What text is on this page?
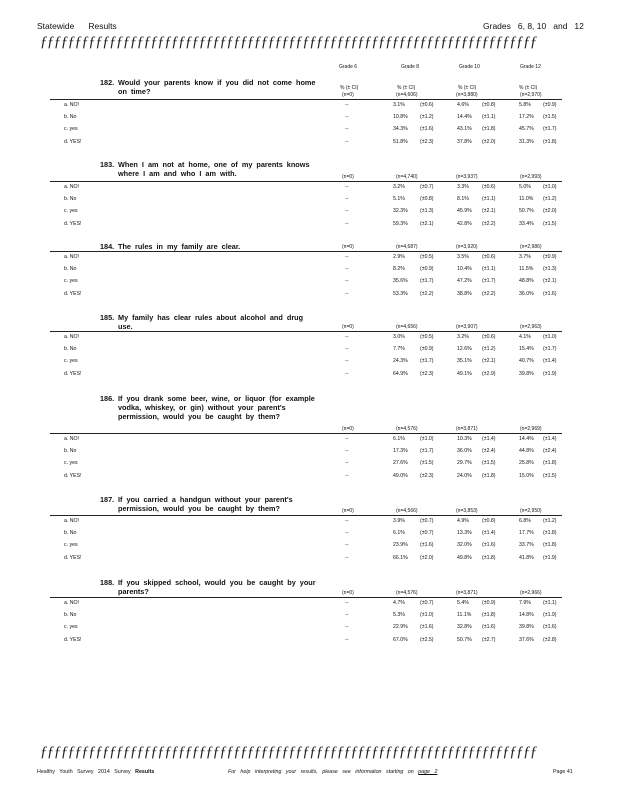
Statewide Results	Grades 6, 8, 10 and 12
ƒƒƒƒƒƒƒƒƒƒƒƒƒƒƒƒƒƒƒƒƒƒƒƒƒƒƒƒƒƒƒƒƒƒƒƒƒƒƒƒƒƒƒƒƒƒƒƒƒƒƒƒƒƒƒƒƒƒƒƒƒƒƒƒƒƒƒƒƒƒƒƒ
Grade 6	Grade 8	Grade 10	Grade 12
182. Would your parents know if you did not come home on time?	(n=0)	(n=4,606)	(n=3,880)	(n=2,970)
% (± CI)	% (± CI)	% (± CI)	% (± CI)
a. NO!	--	3.1%	(±0.6)	4.6%	(±0.8)	5.8% (±0.9)
b. No	--	10.8% (±1.2)	14.4% (±1.1)	17.2% (±1.5)
c. yes	--	34.3% (±1.6)	43.1% (±1.8)	45.7% (±1.7)
d. YES!	--	51.8% (±2.3)	37.8% (±2.0)	31.3% (±1.8)
183. When I am not at home, one of my parents knows where I am and who I am with.	(n=0)	(n=4,740)	(n=3,937)	(n=2,993)
a. NO!	--	3.2%	(±0.7)	3.3%	(±0.6)	5.0% (±1.0)
b. No	--	5.1%	(±0.8)	8.1%	(±1.1)	11.0% (±1.2)
c. yes	--	32.3% (±1.3)	45.9% (±2.1)	50.7% (±2.0)
d. YES!	--	59.3% (±2.1)	42.8% (±2.2)	33.4% (±1.5)
184. The rules in my family are clear.	(n=0)	(n=4,687)	(n=3,920)	(n=2,986)
a. NO!	--	2.9%	(±0.5)	3.5%	(±0.6)	3.7% (±0.9)
b. No	--	8.2%	(±0.9)	10.4% (±1.1)	11.5% (±1.3)
c. yes	--	35.6% (±1.7)	47.2% (±1.7)	48.8% (±2.1)
d. YES!	--	53.3% (±2.2)	38.8% (±2.2)	36.0% (±1.6)
185. My family has clear rules about alcohol and drug use.	(n=0)	(n=4,656)	(n=3,907)	(n=2,963)
a. NO!	--	3.0%	(±0.5)	3.2%	(±0.6)	4.1% (±1.0)
b. No	--	7.7%	(±0.9)	12.6% (±1.2)	15.4% (±1.7)
c. yes	--	24.3% (±1.7)	35.1% (±2.1)	40.7% (±1.4)
d. YES!	--	64.9% (±2.3)	49.1% (±2.9)	39.8% (±1.9)
186. If you drank some beer, wine, or liquor (for example vodka, whiskey, or gin) without your parent's permission, would you be caught by them?
(n=0)	(n=4,576)	(n=3,871)	(n=2,969)
a. NO!	--	6.1%	(±1.0)	10.3% (±1.4)	14.4% (±1.4)
b. No	--	17.3% (±1.7)	36.0% (±2.4)	44.8% (±2.4)
c. yes	--	27.6% (±1.5)	29.7% (±1.5)	25.8% (±1.8)
d. YES!	--	49.0% (±2.3)	24.0% (±1.8)	15.0% (±1.5)
187. If you carried a handgun without your parent's permission, would you be caught by them?	(n=0)	(n=4,566)	(n=3,853)	(n=2,950)
a. NO!	--	3.9%	(±0.7)	4.9%	(±0.8)	6.8% (±1.2)
b. No	--	6.1%	(±0.7)	13.3% (±1.4)	17.7% (±1.8)
c. yes	--	23.9% (±1.6)	32.0% (±1.6)	33.7% (±1.8)
d. YES!	--	66.1% (±2.0)	49.8% (±1.8)	41.8% (±1.9)
188. If you skipped school, would you be caught by your parents?	(n=0)	(n=4,576)	(n=3,871)	(n=2,966)
a. NO!	--	4.7%	(±0.7)	5.4%	(±0.9)	7.9% (±1.1)
b. No	--	5.3%	(±1.0)	11.1% (±1.8)	14.8% (±1.9)
c. yes	--	22.9% (±1.6)	32.8% (±1.6)	39.8% (±1.6)
d. YES!	--	67.0% (±2.5)	50.7% (±2.7)	37.6% (±2.8)
ƒƒƒƒƒƒƒƒƒƒƒƒƒƒƒƒƒƒƒƒƒƒƒƒƒƒƒƒƒƒƒƒƒƒƒƒƒƒƒƒƒƒƒƒƒƒƒƒƒƒƒƒƒƒƒƒƒƒƒƒƒƒƒƒƒƒƒƒƒƒƒƒ
Healthy Youth Survey 2014 Survey Results	For help interpreting your results, please see information starting on page 2	Page 41
